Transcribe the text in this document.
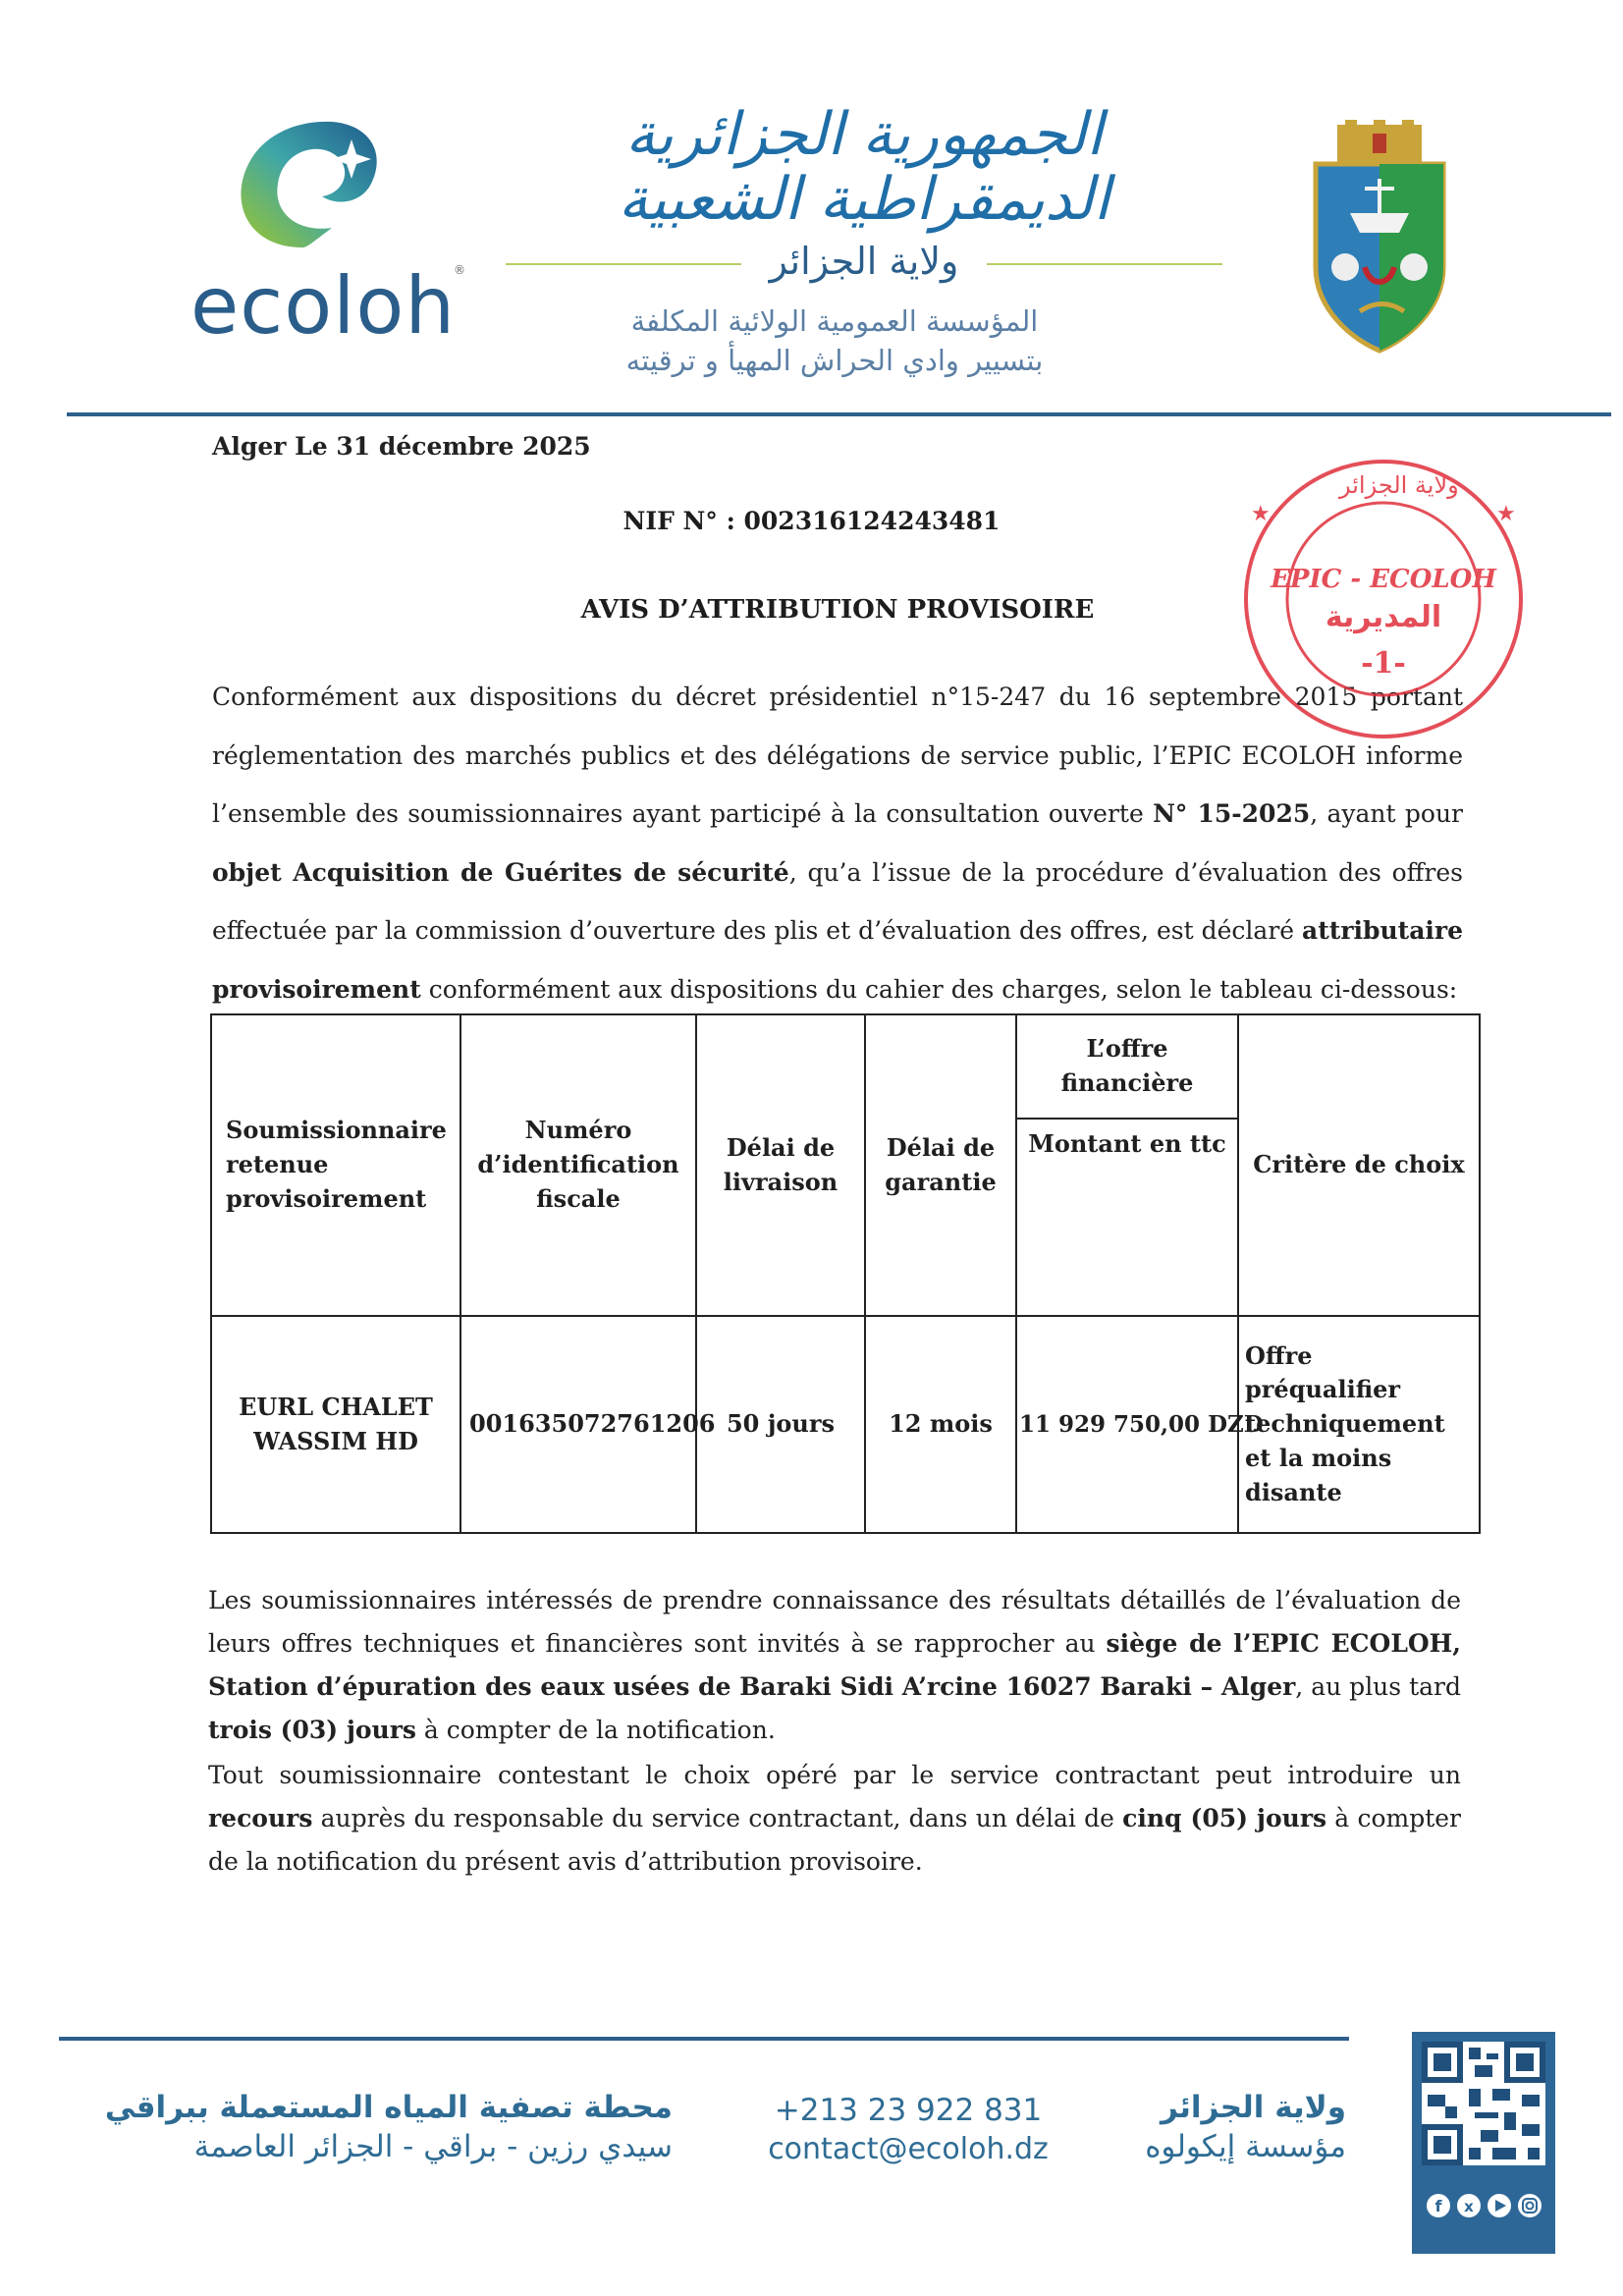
ecoloh
®
الجمهورية الجزائرية الديمقراطية الشعبية
ولاية الجزائر
المؤسسة العمومية الولائية المكلفة
بتسيير وادي الحراش المهيأ و ترقيته
Alger Le 31 décembre 2025
NIF N° : 002316124243481
AVIS D’ATTRIBUTION PROVISOIRE
Conformément aux dispositions du décret présidentiel n°15-247 du 16 septembre 2015 portant réglementation des marchés publics et des délégations de service public, l’EPIC ECOLOH informe l’ensemble des soumissionnaires ayant participé à la consultation ouverte N° 15-2025, ayant pour objet Acquisition de Guérites de sécurité, qu’a l’issue de la procédure d’évaluation des offres effectuée par la commission d’ouverture des plis et d’évaluation des offres, est déclaré attributaire provisoirement conformément aux dispositions du cahier des charges, selon le tableau ci-dessous:
ولاية الجزائر
★	★
EPIC - ECOLOH
المديرية
-1-
Soumissionnaire retenue provisoirement	Numéro d’identification fiscale	Délai de livraison	Délai de garantie	L’offre financière	Critère de choix
				Montant en ttc	
EURL CHALET WASSIM HD	001635072761206	50 jours	12 mois	11 929 750,00 DZD	Offre préqualifier techniquement et la moins disante
Les soumissionnaires intéressés de prendre connaissance des résultats détaillés de l’évaluation de leurs offres techniques et financières sont invités à se rapprocher au siège de l’EPIC ECOLOH, Station d’épuration des eaux usées de Baraki Sidi A’rcine 16027 Baraki – Alger, au plus tard trois (03) jours à compter de la notification.
Tout soumissionnaire contestant le choix opéré par le service contractant peut introduire un recours auprès du responsable du service contractant, dans un délai de cinq (05) jours à compter de la notification du présent avis d’attribution provisoire.
محطة تصفية المياه المستعملة ببراقي
سيدي رزين - براقي - الجزائر العاصمة
+213 23 922 831
contact@ecoloh.dz
ولاية الجزائر
مؤسسة إيكولوه
f x
